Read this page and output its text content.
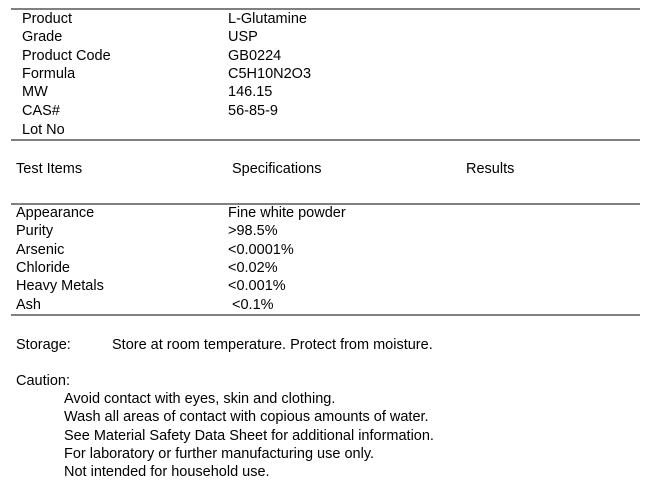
Product	L-Glutamine
Grade	USP
Product Code	GB0224
Formula	C5H10N2O3
MW	146.15
CAS#	56-85-9
Lot No
Test Items	Specifications	Results
Appearance	Fine white powder
Purity	>98.5%
Arsenic	<0.0001%
Chloride	<0.02%
Heavy Metals	<0.001%
Ash	<0.1%
Storage:	Store at room temperature. Protect from moisture.
Caution:
Avoid contact with eyes, skin and clothing.
Wash all areas of contact with copious amounts of water.
See Material Safety Data Sheet for additional information.
For laboratory or further manufacturing use only.
Not intended for household use.
